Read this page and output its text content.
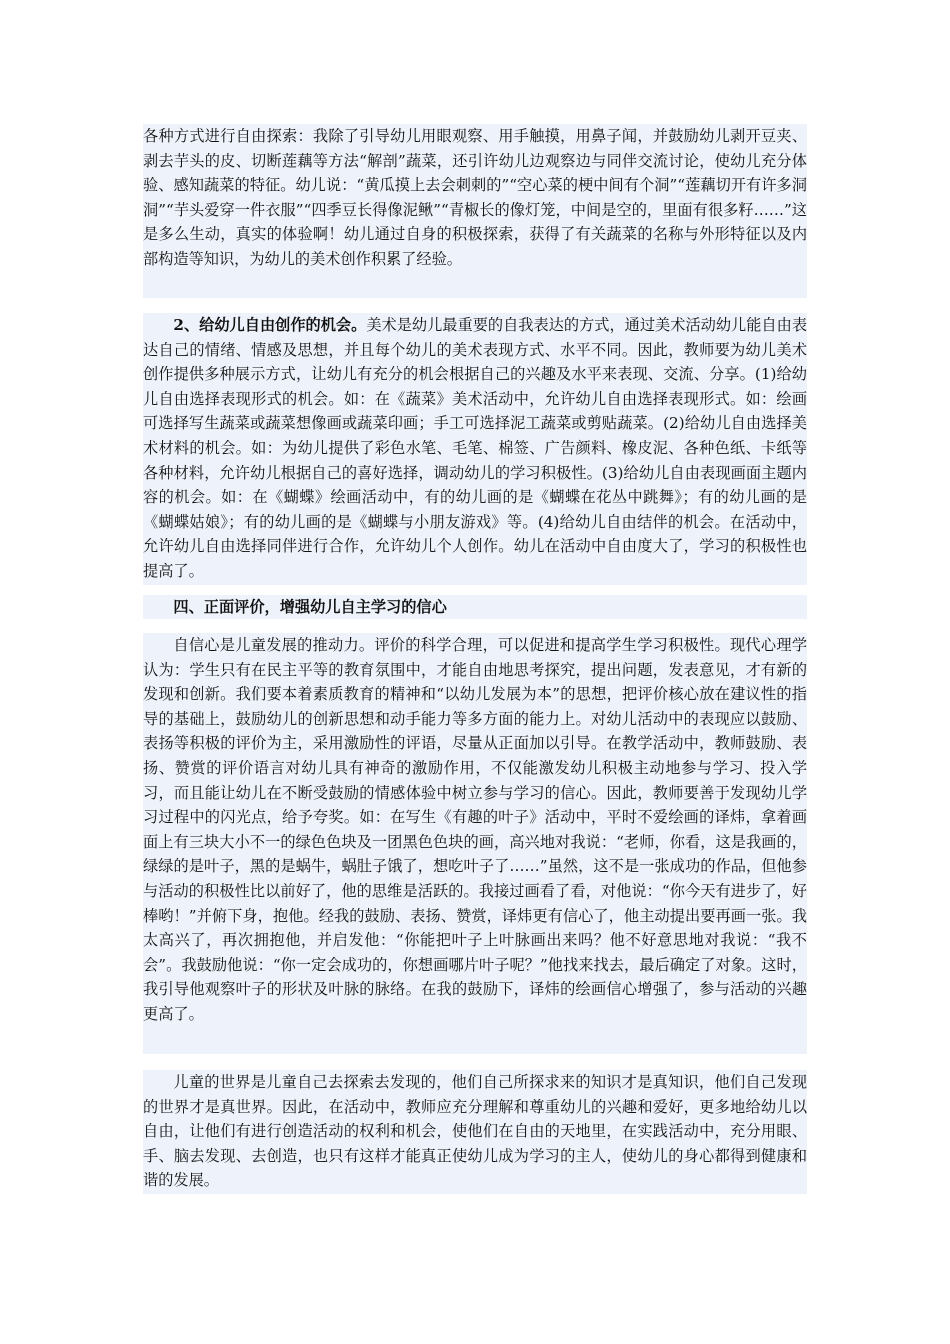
各种方式进行自由探索：我除了引导幼儿用眼观察、用手触摸，用鼻子闻，并鼓励幼儿剥开豆夹、剥去芋头的皮、切断莲藕等方法“解剖”蔬菜，还引许幼儿边观察边与同伴交流讨论，使幼儿充分体验、感知蔬菜的特征。幼儿说：“黄瓜摸上去会刺刺的”“空心菜的梗中间有个洞”“莲藕切开有许多洞洞”“芋头爱穿一件衣服”“四季豆长得像泥鳅”“青椒长的像灯笼，中间是空的，里面有很多籽……”这是多么生动，真实的体验啊！幼儿通过自身的积极探索，获得了有关蔬菜的名称与外形特征以及内部构造等知识，为幼儿的美术创作积累了经验。

2、给幼儿自由创作的机会。美术是幼儿最重要的自我表达的方式，通过美术活动幼儿能自由表达自己的情绪、情感及思想，并且每个幼儿的美术表现方式、水平不同。因此，教师要为幼儿美术创作提供多种展示方式，让幼儿有充分的机会根据自己的兴趣及水平来表现、交流、分享。(1)给幼儿自由选择表现形式的机会。如：在《蔬菜》美术活动中，允许幼儿自由选择表现形式。如：绘画可选择写生蔬菜或蔬菜想像画或蔬菜印画；手工可选择泥工蔬菜或剪贴蔬菜。(2)给幼儿自由选择美术材料的机会。如：为幼儿提供了彩色水笔、毛笔、棉签、广告颜料、橡皮泥、各种色纸、卡纸等各种材料，允许幼儿根据自己的喜好选择，调动幼儿的学习积极性。(3)给幼儿自由表现画面主题内容的机会。如：在《蝴蝶》绘画活动中，有的幼儿画的是《蝴蝶在花丛中跳舞》；有的幼儿画的是《蝴蝶姑娘》；有的幼儿画的是《蝴蝶与小朋友游戏》等。(4)给幼儿自由结伴的机会。在活动中，允许幼儿自由选择同伴进行合作，允许幼儿个人创作。幼儿在活动中自由度大了，学习的积极性也提高了。

四、正面评价，增强幼儿自主学习的信心

自信心是儿童发展的推动力。评价的科学合理，可以促进和提高学生学习积极性。现代心理学认为：学生只有在民主平等的教育氛围中，才能自由地思考探究，提出问题，发表意见，才有新的发现和创新。我们要本着素质教育的精神和“以幼儿发展为本”的思想，把评价核心放在建议性的指导的基础上，鼓励幼儿的创新思想和动手能力等多方面的能力上。对幼儿活动中的表现应以鼓励、表扬等积极的评价为主，采用激励性的评语，尽量从正面加以引导。在教学活动中，教师鼓励、表扬、赞赏的评价语言对幼儿具有神奇的激励作用，不仅能激发幼儿积极主动地参与学习、投入学习，而且能让幼儿在不断受鼓励的情感体验中树立参与学习的信心。因此，教师要善于发现幼儿学习过程中的闪光点，给予夸奖。如：在写生《有趣的叶子》活动中，平时不爱绘画的译炜，拿着画面上有三块大小不一的绿色色块及一团黑色色块的画，高兴地对我说：“老师，你看，这是我画的，绿绿的是叶子，黑的是蜗牛，蜗肚子饿了，想吃叶子了……”虽然，这不是一张成功的作品，但他参与活动的积极性比以前好了，他的思维是活跃的。我接过画看了看，对他说：“你今天有进步了，好棒哟！”并俯下身，抱他。经我的鼓励、表扬、赞赏，译炜更有信心了，他主动提出要再画一张。我太高兴了，再次拥抱他，并启发他：“你能把叶子上叶脉画出来吗？他不好意思地对我说：“我不会”。我鼓励他说：“你一定会成功的，你想画哪片叶子呢？”他找来找去，最后确定了对象。这时，我引导他观察叶子的形状及叶脉的脉络。在我的鼓励下，译炜的绘画信心增强了，参与活动的兴趣更高了。

儿童的世界是儿童自己去探索去发现的，他们自己所探求来的知识才是真知识，他们自己发现的世界才是真世界。因此，在活动中，教师应充分理解和尊重幼儿的兴趣和爱好，更多地给幼儿以自由，让他们有进行创造活动的权利和机会，使他们在自由的天地里，在实践活动中，充分用眼、手、脑去发现、去创造，也只有这样才能真正使幼儿成为学习的主人，使幼儿的身心都得到健康和谐的发展。
